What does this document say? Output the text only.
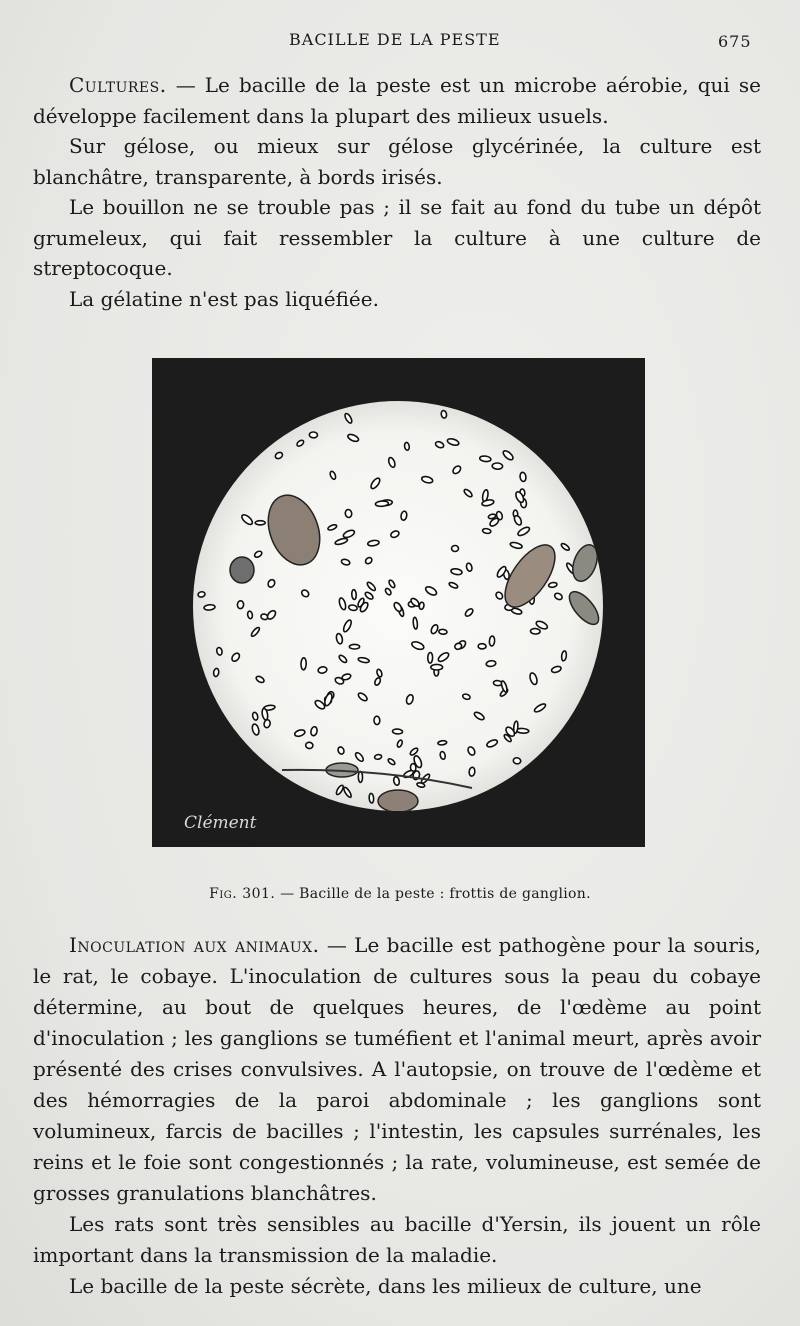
BACILLE DE LA PESTE	675

Cultures. — Le bacille de la peste est un microbe aérobie, qui se développe facilement dans la plupart des milieux usuels.

Sur gélose, ou mieux sur gélose glycérinée, la culture est blanchâtre, transparente, à bords irisés.

Le bouillon ne se trouble pas ; il se fait au fond du tube un dépôt grumeleux, qui fait ressembler la culture à une culture de streptocoque.

La gélatine n'est pas liquéfiée.

Clément
Fig. 301. — Bacille de la peste : frottis de ganglion.

Inoculation aux animaux. — Le bacille est pathogène pour la souris, le rat, le cobaye. L'inoculation de cultures sous la peau du cobaye détermine, au bout de quelques heures, de l'œdème au point d'inoculation ; les ganglions se tuméfient et l'animal meurt, après avoir présenté des crises convulsives. A l'autopsie, on trouve de l'œdème et des hémorragies de la paroi abdominale ; les ganglions sont volumineux, farcis de bacilles ; l'intestin, les capsules surrénales, les reins et le foie sont congestionnés ; la rate, volumineuse, est semée de grosses granulations blanchâtres.

Les rats sont très sensibles au bacille d'Yersin, ils jouent un rôle important dans la transmission de la maladie.

Le bacille de la peste sécrète, dans les milieux de culture, une
